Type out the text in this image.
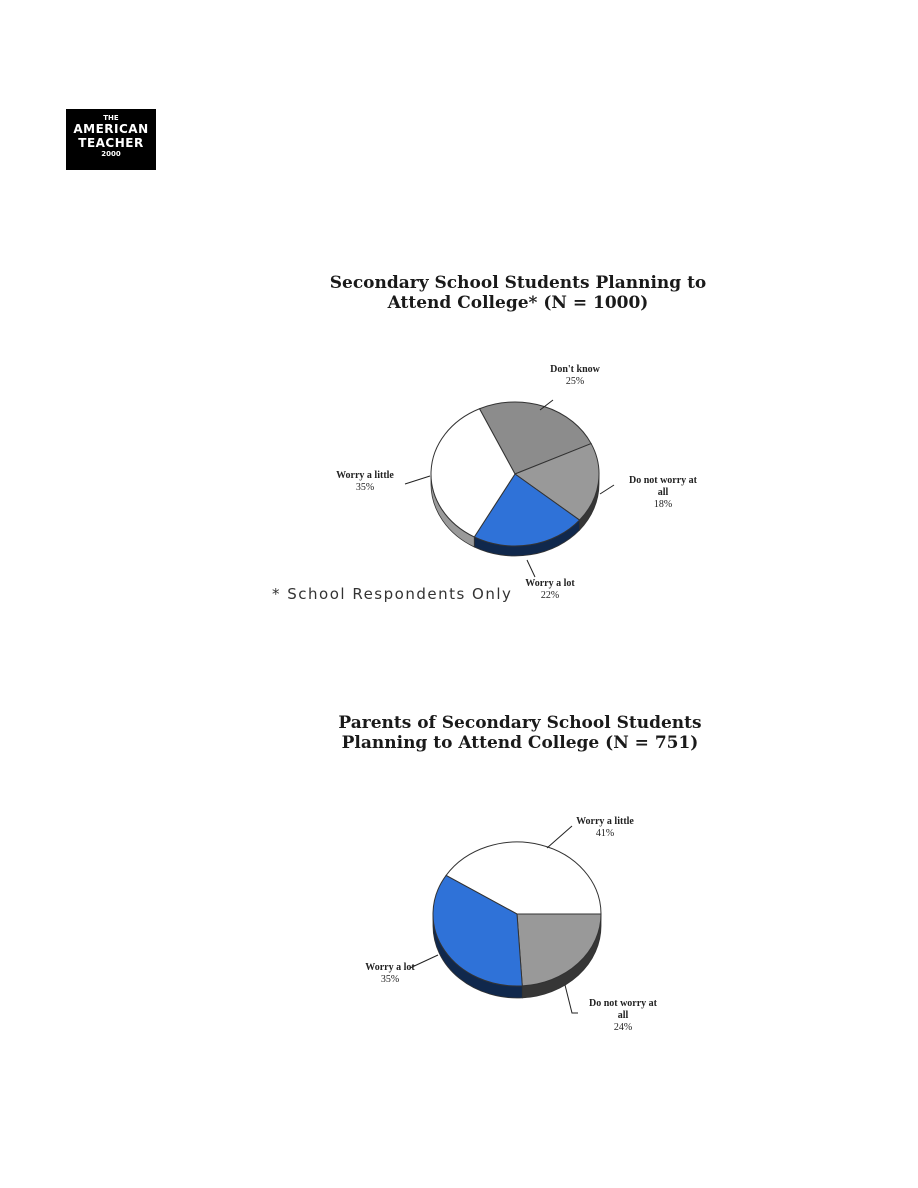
THE
AMERICAN
TEACHER
2000
Secondary School Students Planning to
Attend College* (N = 1000)
Parents of Secondary School Students
Planning to Attend College (N = 751)
Don't know
25%
Do not worry at
all
18%
Worry a lot
22%
Worry a little
35%
* School Respondents Only
Worry a little
41%
Do not worry at
all
24%
Worry a lot
35%
